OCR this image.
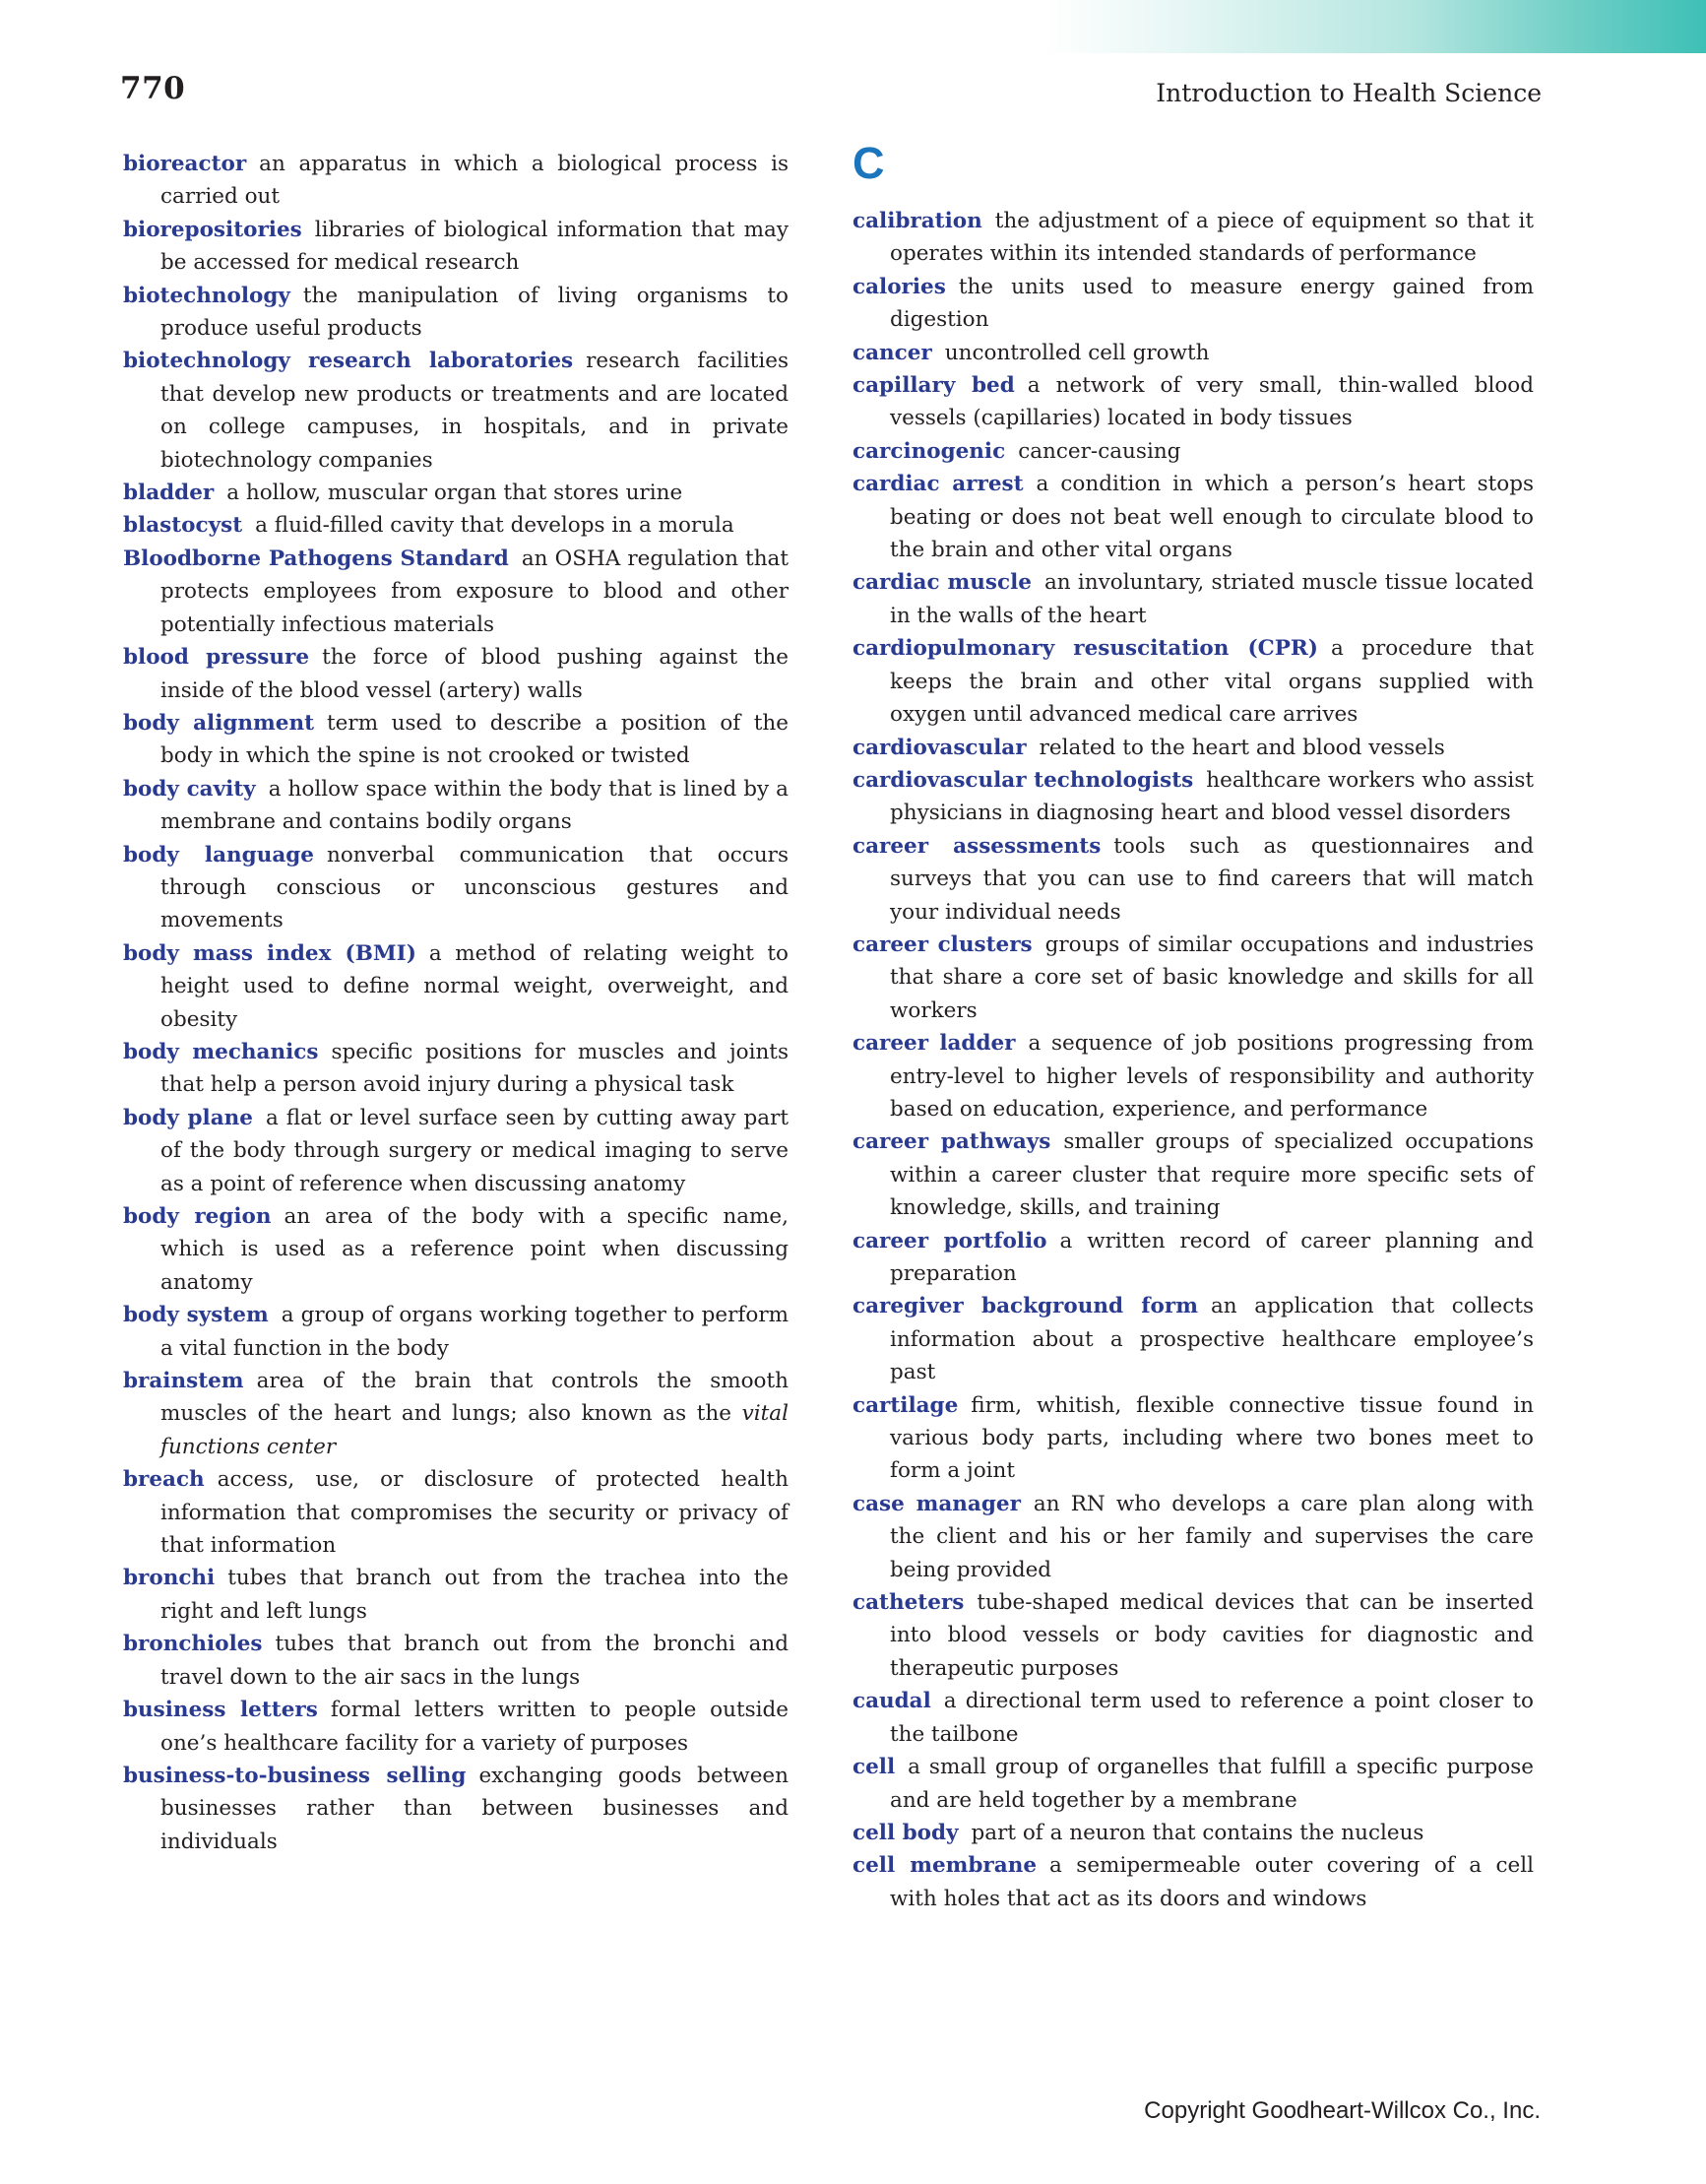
770	Introduction to Health Science

bioreactor an apparatus in which a biological process is carried out

biorepositories libraries of biological information that may be accessed for medical research

biotechnology the manipulation of living organisms to produce useful products

biotechnology research laboratories research facilities that develop new products or treatments and are located on college campuses, in hospitals, and in private biotechnology companies

bladder a hollow, muscular organ that stores urine

blastocyst a fluid-filled cavity that develops in a morula

Bloodborne Pathogens Standard an OSHA regulation that protects employees from exposure to blood and other potentially infectious materials

blood pressure the force of blood pushing against the inside of the blood vessel (artery) walls

body alignment term used to describe a position of the body in which the spine is not crooked or twisted

body cavity a hollow space within the body that is lined by a membrane and contains bodily organs

body language nonverbal communication that occurs through conscious or unconscious gestures and movements

body mass index (BMI) a method of relating weight to height used to define normal weight, overweight, and obesity

body mechanics specific positions for muscles and joints that help a person avoid injury during a physical task

body plane a flat or level surface seen by cutting away part of the body through surgery or medical imaging to serve as a point of reference when discussing anatomy

body region an area of the body with a specific name, which is used as a reference point when discussing anatomy

body system a group of organs working together to perform a vital function in the body

brainstem area of the brain that controls the smooth muscles of the heart and lungs; also known as the vital functions center

breach access, use, or disclosure of protected health information that compromises the security or privacy of that information

bronchi tubes that branch out from the trachea into the right and left lungs

bronchioles tubes that branch out from the bronchi and travel down to the air sacs in the lungs

business letters formal letters written to people outside one’s healthcare facility for a variety of purposes

business-to-business selling exchanging goods between businesses rather than between businesses and individuals

C

calibration the adjustment of a piece of equipment so that it operates within its intended standards of performance

calories the units used to measure energy gained from digestion

cancer uncontrolled cell growth

capillary bed a network of very small, thin-walled blood vessels (capillaries) located in body tissues

carcinogenic cancer-causing

cardiac arrest a condition in which a person’s heart stops beating or does not beat well enough to circulate blood to the brain and other vital organs

cardiac muscle an involuntary, striated muscle tissue located in the walls of the heart

cardiopulmonary resuscitation (CPR) a procedure that keeps the brain and other vital organs supplied with oxygen until advanced medical care arrives

cardiovascular related to the heart and blood vessels

cardiovascular technologists healthcare workers who assist physicians in diagnosing heart and blood vessel disorders

career assessments tools such as questionnaires and surveys that you can use to find careers that will match your individual needs

career clusters groups of similar occupations and industries that share a core set of basic knowledge and skills for all workers

career ladder a sequence of job positions progressing from entry-level to higher levels of responsibility and authority based on education, experience, and performance

career pathways smaller groups of specialized occupations within a career cluster that require more specific sets of knowledge, skills, and training

career portfolio a written record of career planning and preparation

caregiver background form an application that collects information about a prospective healthcare employee’s past

cartilage firm, whitish, flexible connective tissue found in various body parts, including where two bones meet to form a joint

case manager an RN who develops a care plan along with the client and his or her family and supervises the care being provided

catheters tube-shaped medical devices that can be inserted into blood vessels or body cavities for diagnostic and therapeutic purposes

caudal a directional term used to reference a point closer to the tailbone

cell a small group of organelles that fulfill a specific purpose and are held together by a membrane

cell body part of a neuron that contains the nucleus

cell membrane a semipermeable outer covering of a cell with holes that act as its doors and windows

Copyright Goodheart-Willcox Co., Inc.
